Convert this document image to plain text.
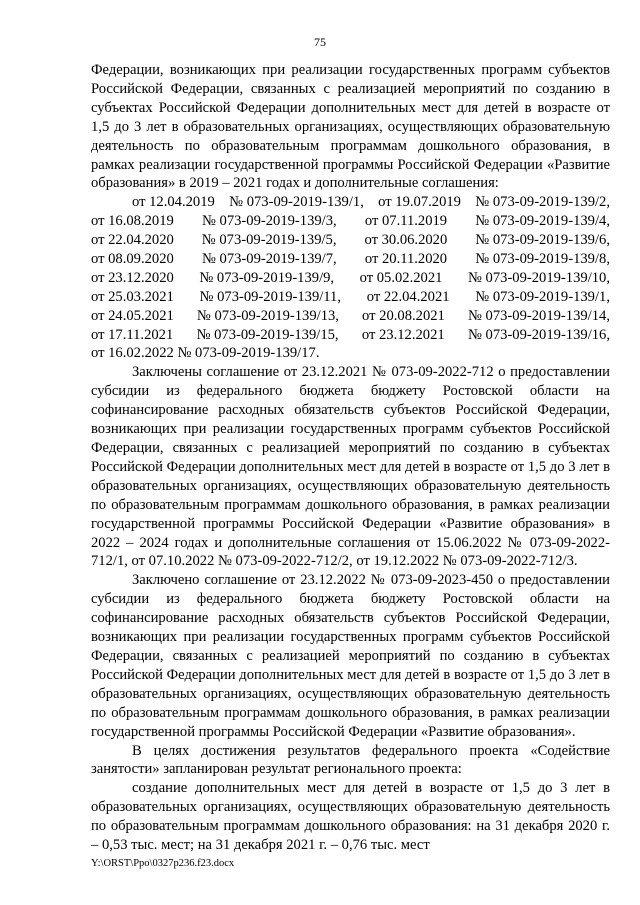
75

Федерации, возникающих при реализации государственных программ субъектов Российской Федерации, связанных с реализацией мероприятий по созданию в субъектах Российской Федерации дополнительных мест для детей в возрасте от 1,5 до 3 лет в образовательных организациях, осуществляющих образовательную деятельность по образовательным программам дошкольного образования, в рамках реализации государственной программы Российской Федерации «Развитие образования» в 2019 – 2021 годах и дополнительные соглашения:

от 12.04.2019 № 073-09-2019-139/1, от 19.07.2019 № 073-09-2019-139/2,
от 16.08.2019 № 073-09-2019-139/3, от 07.11.2019 № 073-09-2019-139/4,
от 22.04.2020 № 073-09-2019-139/5, от 30.06.2020 № 073-09-2019-139/6,
от 08.09.2020 № 073-09-2019-139/7, от 20.11.2020 № 073-09-2019-139/8,
от 23.12.2020 № 073-09-2019-139/9, от 05.02.2021 № 073-09-2019-139/10,
от 25.03.2021 № 073-09-2019-139/11, от 22.04.2021 № 073-09-2019-139/1,
от 24.05.2021 № 073-09-2019-139/13, от 20.08.2021 № 073-09-2019-139/14,
от 17.11.2021 № 073-09-2019-139/15, от 23.12.2021 № 073-09-2019-139/16,
от 16.02.2022 № 073-09-2019-139/17.

Заключены соглашение от 23.12.2021 № 073-09-2022-712 о предоставлении субсидии из федерального бюджета бюджету Ростовской области на софинансирование расходных обязательств субъектов Российской Федерации, возникающих при реализации государственных программ субъектов Российской Федерации, связанных с реализацией мероприятий по созданию в субъектах Российской Федерации дополнительных мест для детей в возрасте от 1,5 до 3 лет в образовательных организациях, осуществляющих образовательную деятельность по образовательным программам дошкольного образования, в рамках реализации государственной программы Российской Федерации «Развитие образования» в 2022 – 2024 годах и дополнительные соглашения от 15.06.2022 № 073-09-2022-712/1, от 07.10.2022 № 073-09-2022-712/2, от 19.12.2022 № 073-09-2022-712/3.

Заключено соглашение от 23.12.2022 № 073-09-2023-450 о предоставлении субсидии из федерального бюджета бюджету Ростовской области на софинансирование расходных обязательств субъектов Российской Федерации, возникающих при реализации государственных программ субъектов Российской Федерации, связанных с реализацией мероприятий по созданию в субъектах Российской Федерации дополнительных мест для детей в возрасте от 1,5 до 3 лет в образовательных организациях, осуществляющих образовательную деятельность по образовательным программам дошкольного образования, в рамках реализации государственной программы Российской Федерации «Развитие образования».

В целях достижения результатов федерального проекта «Содействие занятости» запланирован результат регионального проекта:

создание дополнительных мест для детей в возрасте от 1,5 до 3 лет в образовательных организациях, осуществляющих образовательную деятельность по образовательным программам дошкольного образования: на 31 декабря 2020 г. – 0,53 тыс. мест; на 31 декабря 2021 г. – 0,76 тыс. мест

Y:\ORST\Ppo\0327p236.f23.docx
